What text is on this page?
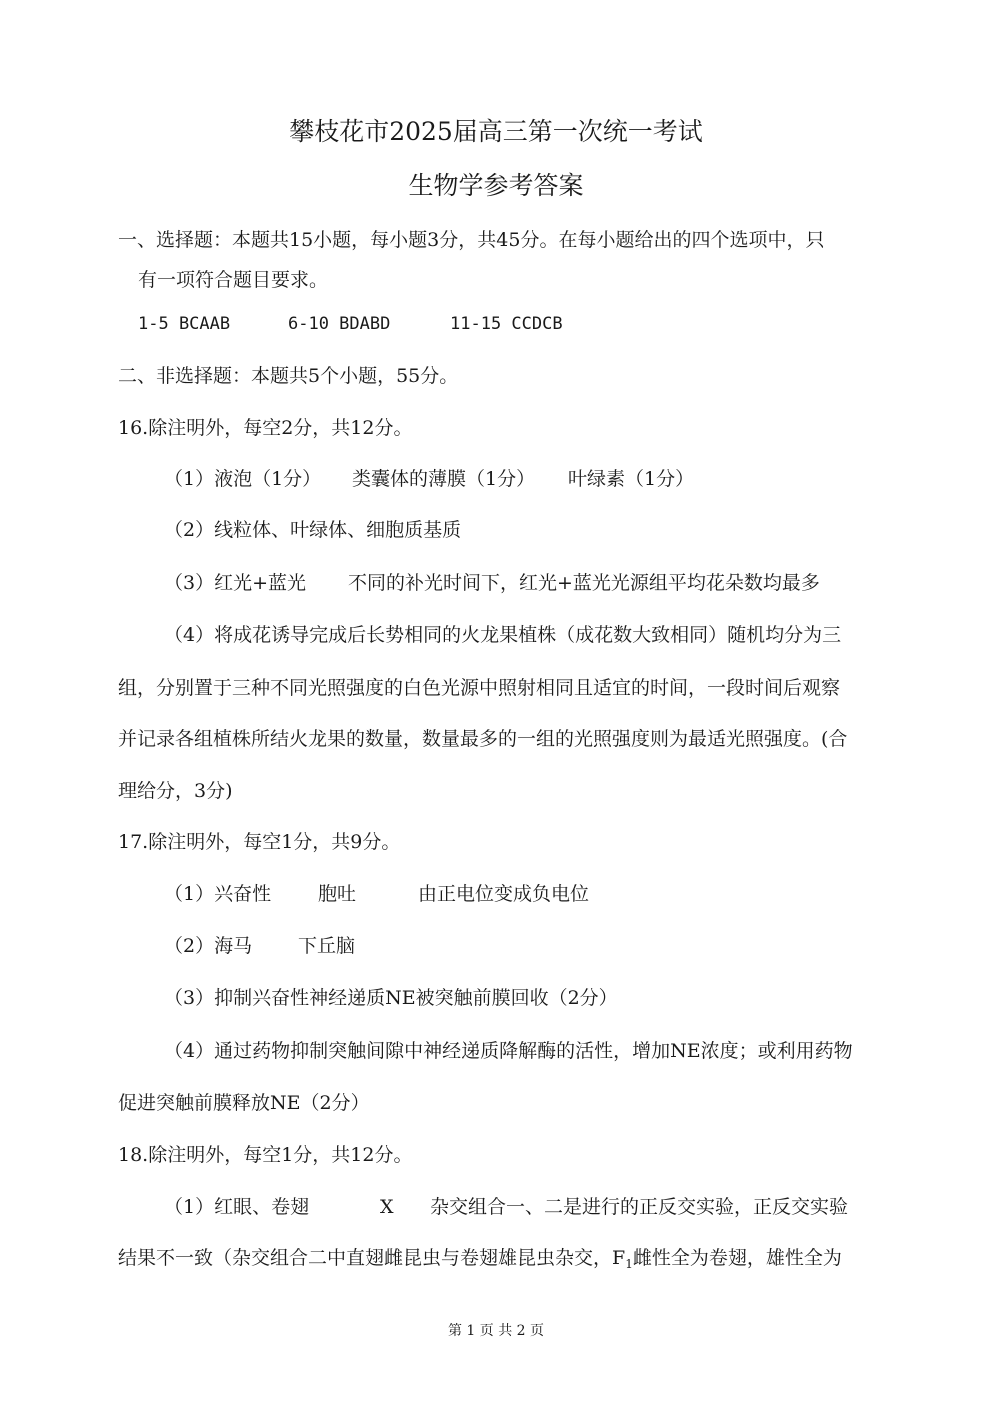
攀枝花市2025届高三第一次统一考试
生物学参考答案
一、选择题：本题共15小题，每小题3分，共45分。在每小题给出的四个选项中，只
有一项符合题目要求。
1-5 BCAAB	6-10 BDABD	11-15 CCDCB
二、非选择题：本题共5个小题，55分。
16.除注明外，每空2分，共12分。
（1）液泡（1分） 类囊体的薄膜（1分） 叶绿素（1分）
（2）线粒体、叶绿体、细胞质基质
（3）红光+蓝光 不同的补光时间下，红光+蓝光光源组平均花朵数均最多
（4）将成花诱导完成后长势相同的火龙果植株（成花数大致相同）随机均分为三
组，分别置于三种不同光照强度的白色光源中照射相同且适宜的时间，一段时间后观察
并记录各组植株所结火龙果的数量，数量最多的一组的光照强度则为最适光照强度。(合
理给分，3分)
17.除注明外，每空1分，共9分。
（1）兴奋性 胞吐	由正电位变成负电位
（2）海马 下丘脑
（3）抑制兴奋性神经递质NE被突触前膜回收（2分）
（4）通过药物抑制突触间隙中神经递质降解酶的活性，增加NE浓度；或利用药物
促进突触前膜释放NE（2分）
18.除注明外，每空1分，共12分。
（1）红眼、卷翅	X 杂交组合一、二是进行的正反交实验，正反交实验
结果不一致（杂交组合二中直翅雌昆虫与卷翅雄昆虫杂交，$F_1$雌性全为卷翅，雄性全为
第 1 页 共 2 页
